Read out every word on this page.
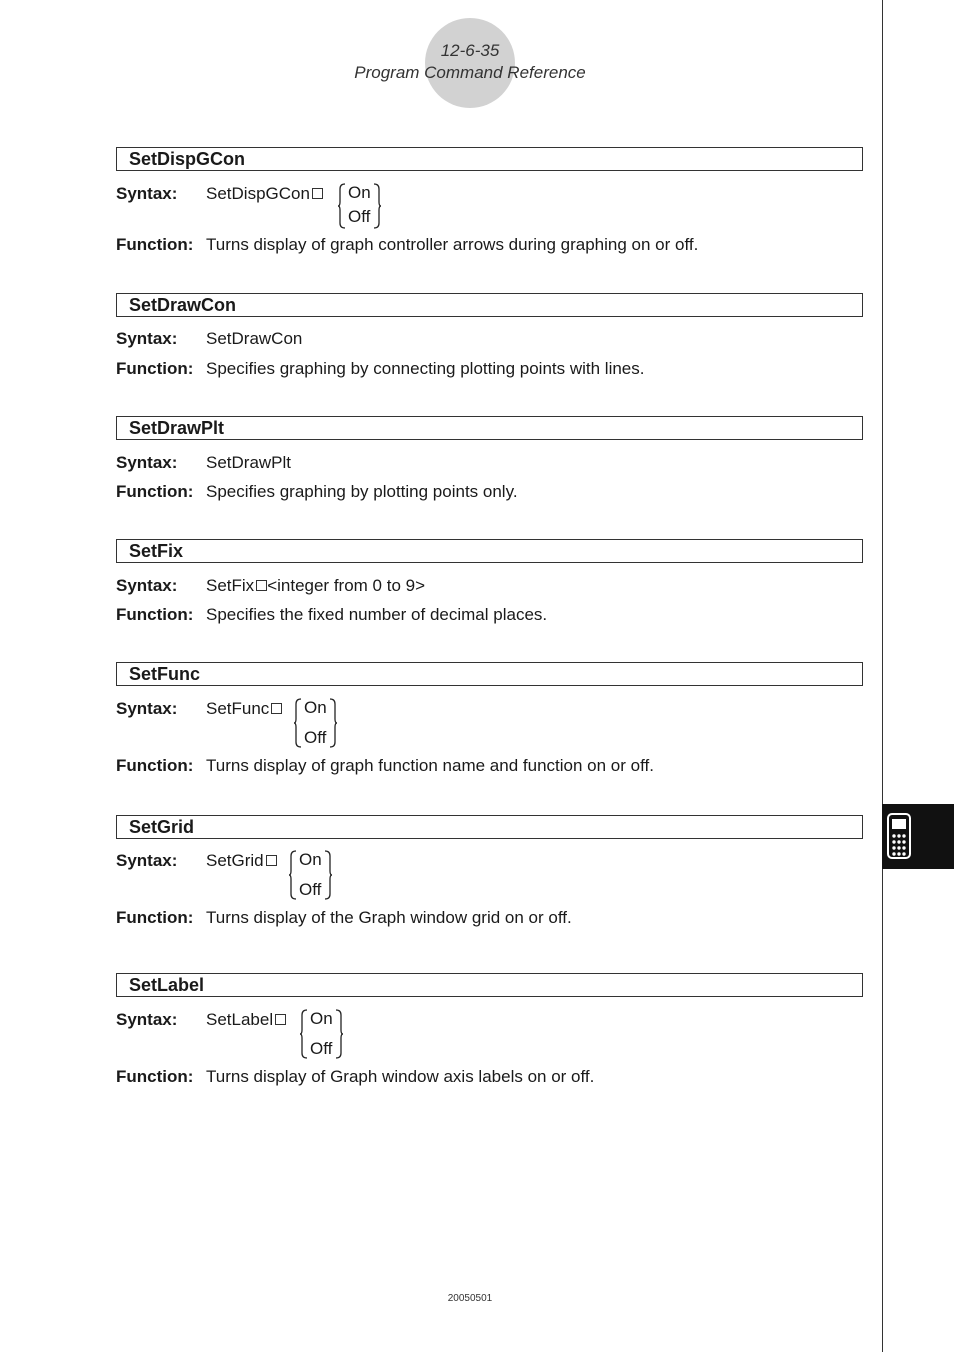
12-6-35
Program Command Reference
SetDispGCon
Syntax: SetDispGCon	On
Off
Function: Turns display of graph controller arrows during graphing on or off.
SetDrawCon
Syntax: SetDrawCon
Function: Specifies graphing by connecting plotting points with lines.
SetDrawPlt
Syntax: SetDrawPlt
Function: Specifies graphing by plotting points only.
SetFix
Syntax: SetFix <integer from 0 to 9>
Function: Specifies the fixed number of decimal places.
SetFunc
Syntax: SetFunc	On
Off
Function: Turns display of graph function name and function on or off.
SetGrid
Syntax: SetGrid	On
Off
Function: Turns display of the Graph window grid on or off.
SetLabel
Syntax: SetLabel	On
Off
Function: Turns display of Graph window axis labels on or off.
20050501
